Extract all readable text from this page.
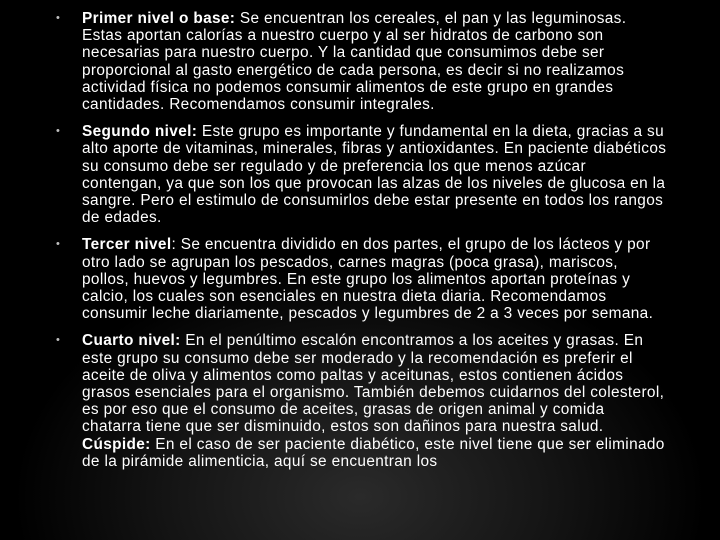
• Primer nivel o base: Se encuentran los cereales, el pan y las leguminosas. Estas aportan calorías a nuestro cuerpo y al ser hidratos de carbono son necesarias para nuestro cuerpo. Y la cantidad que consumimos debe ser proporcional al gasto energético de cada persona, es decir si no realizamos actividad física no podemos consumir alimentos de este grupo en grandes cantidades. Recomendamos consumir integrales.
• Segundo nivel: Este grupo es importante y fundamental en la dieta, gracias a su alto aporte de vitaminas, minerales, fibras y antioxidantes. En paciente diabéticos su consumo debe ser regulado y de preferencia los que menos azúcar contengan, ya que son los que provocan las alzas de los niveles de glucosa en la sangre. Pero el estimulo de consumirlos debe estar presente en todos los rangos de edades.
• Tercer nivel: Se encuentra dividido en dos partes, el grupo de los lácteos y por otro lado se agrupan los pescados, carnes magras (poca grasa), mariscos, pollos, huevos y legumbres. En este grupo los alimentos aportan proteínas y calcio, los cuales son esenciales en nuestra dieta diaria. Recomendamos consumir leche diariamente, pescados y legumbres de 2 a 3 veces por semana.
• Cuarto nivel: En el penúltimo escalón encontramos a los aceites y grasas. En este grupo su consumo debe ser moderado y la recomendación es preferir el aceite de oliva y alimentos como paltas y aceitunas, estos contienen ácidos grasos esenciales para el organismo. También debemos cuidarnos del colesterol, es por eso que el consumo de aceites, grasas de origen animal y comida chatarra tiene que ser disminuido, estos son dañinos para nuestra salud. Cúspide: En el caso de ser paciente diabético, este nivel tiene que ser eliminado de la pirámide alimenticia, aquí se encuentran los
